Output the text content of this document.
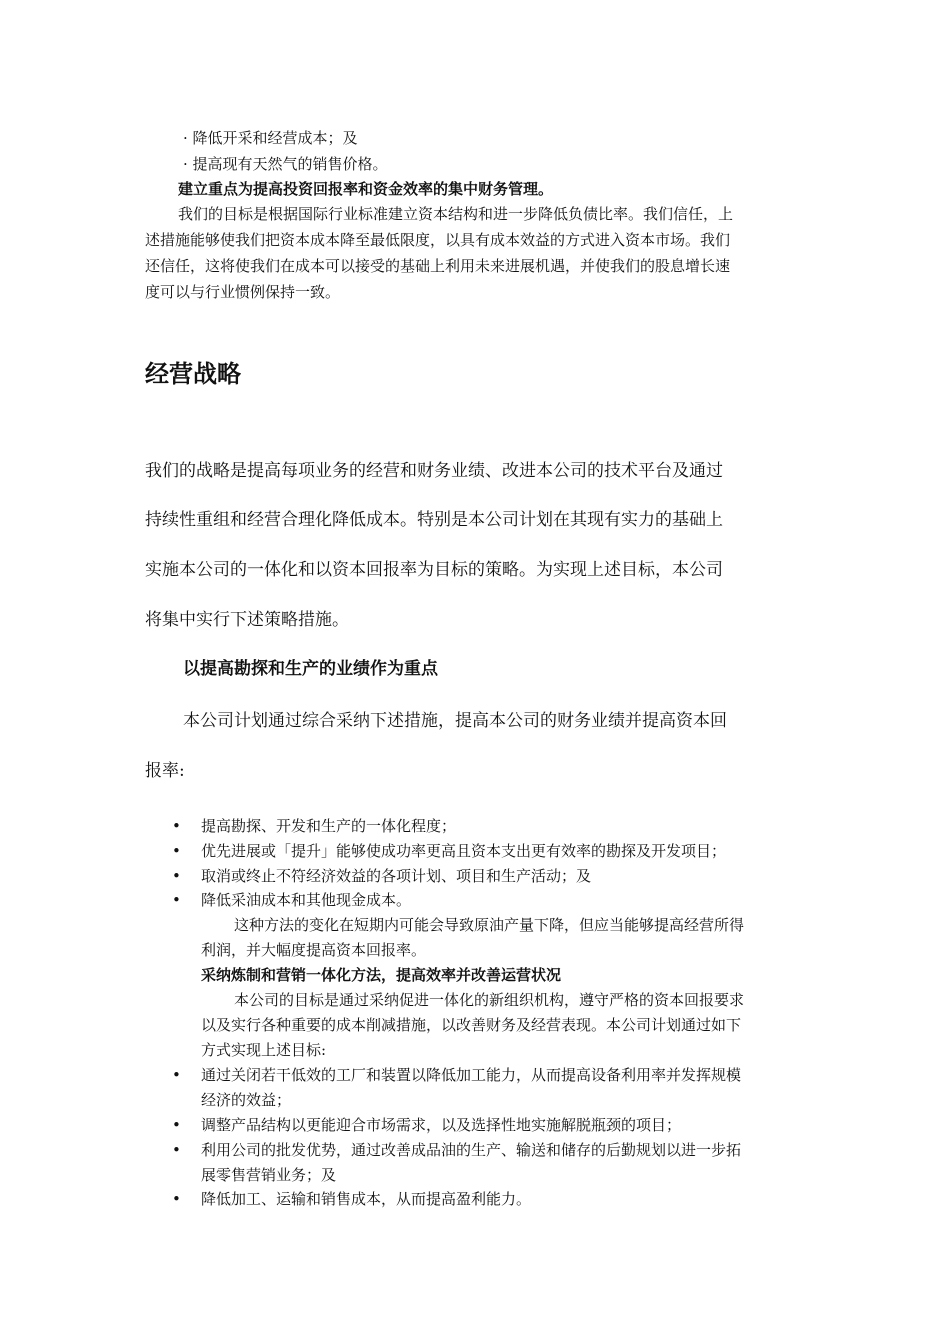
· 降低开采和经营成本；及
· 提高现有天然气的销售价格。
建立重点为提高投资回报率和资金效率的集中财务管理。
我们的目标是根据国际行业标准建立资本结构和进一步降低负债比率。我们信任，上
述措施能够使我们把资本成本降至最低限度，以具有成本效益的方式进入资本市场。我们
还信任，这将使我们在成本可以接受的基础上利用未来进展机遇，并使我们的股息增长速
度可以与行业惯例保持一致。
经营战略
我们的战略是提高每项业务的经营和财务业绩、改进本公司的技术平台及通过
持续性重组和经营合理化降低成本。特别是本公司计划在其现有实力的基础上
实施本公司的一体化和以资本回报率为目标的策略。为实现上述目标，本公司
将集中实行下述策略措施。
以提高勘探和生产的业绩作为重点
本公司计划通过综合采纳下述措施，提高本公司的财务业绩并提高资本回
报率:
• 提高勘探、开发和生产的一体化程度；
• 优先进展或「提升」能够使成功率更高且资本支出更有效率的勘探及开发项目；
• 取消或终止不符经济效益的各项计划、项目和生产活动；及
• 降低采油成本和其他现金成本。
这种方法的变化在短期内可能会导致原油产量下降，但应当能够提高经营所得
利润，并大幅度提高资本回报率。
采纳炼制和营销一体化方法，提高效率并改善运营状况
本公司的目标是通过采纳促进一体化的新组织机构，遵守严格的资本回报要求
以及实行各种重要的成本削减措施，以改善财务及经营表现。本公司计划通过如下
方式实现上述目标:
• 通过关闭若干低效的工厂和装置以降低加工能力，从而提高设备利用率并发挥规模
经济的效益；
• 调整产品结构以更能迎合市场需求，以及选择性地实施解脱瓶颈的项目；
• 利用公司的批发优势，通过改善成品油的生产、输送和储存的后勤规划以进一步拓
展零售营销业务；及
• 降低加工、运输和销售成本，从而提高盈利能力。
